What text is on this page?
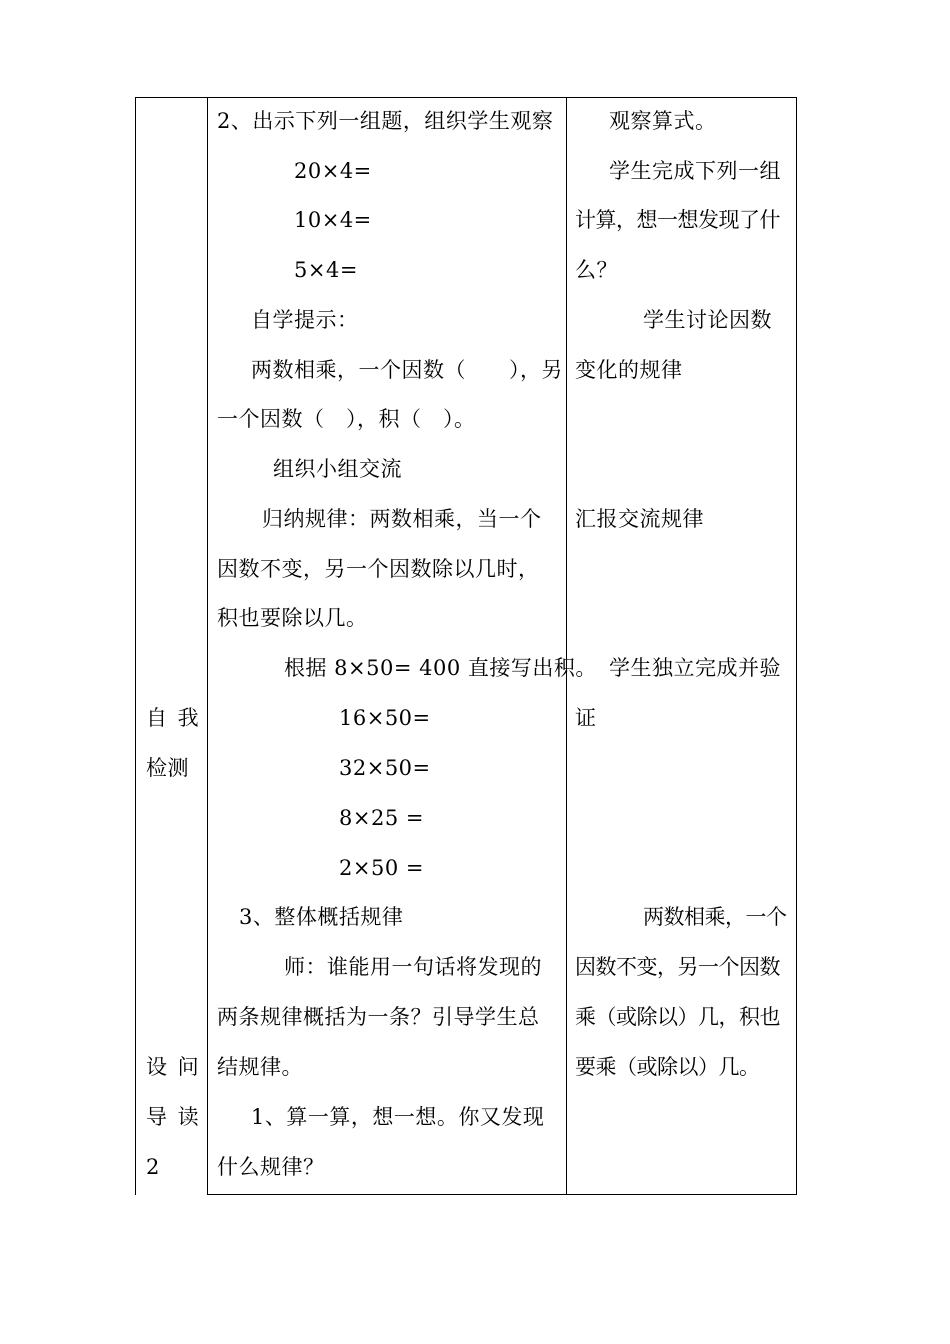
自 我
检测
设 问
导 读
2
2、出示下列一组题，组织学生观察
20×4=
10×4=
5×4=
自学提示：
两数相乘，一个因数（　　），另
一个因数（　），积（　）。
组织小组交流
归纳规律：两数相乘，当一个
因数不变，另一个因数除以几时，
积也要除以几。
根据 8×50= 400 直接写出积。
16×50=
32×50=
8×25 =
2×50 =
3、整体概括规律
师：谁能用一句话将发现的
两条规律概括为一条？引导学生总
结规律。
1、算一算，想一想。你又发现
什么规律？
观察算式。
学生完成下列一组
计算，想一想发现了什
么？
学生讨论因数
变化的规律
汇报交流规律
学生独立完成并验
证
两数相乘，一个
因数不变，另一个因数
乘（或除以）几，积也
要乘（或除以）几。
